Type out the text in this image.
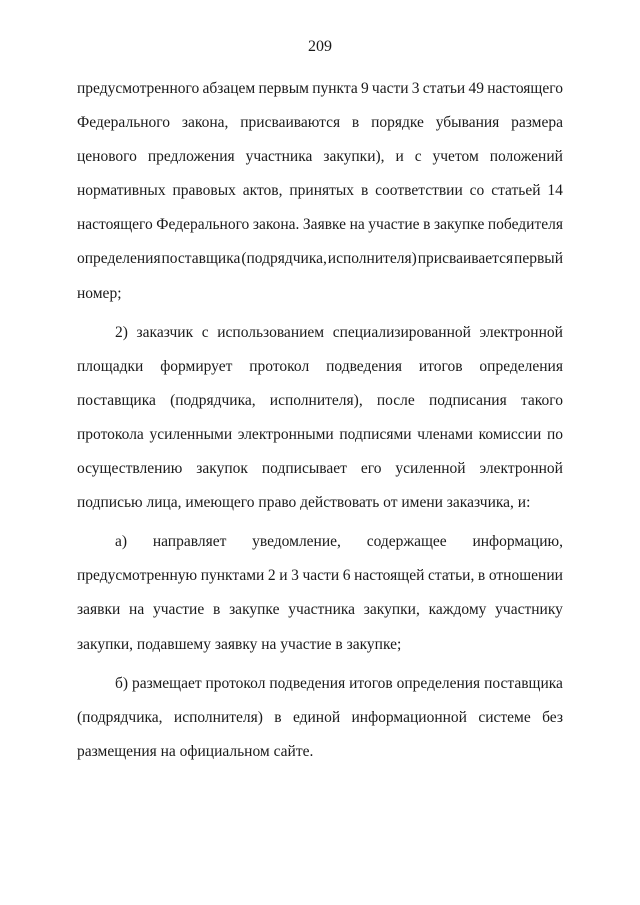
209
предусмотренного абзацем первым пункта 9 части 3 статьи 49 настоящего
Федерального закона, присваиваются в порядке убывания размера
ценового предложения участника закупки), и с учетом положений
нормативных правовых актов, принятых в соответствии со статьей 14
настоящего Федерального закона. Заявке на участие в закупке победителя
определения поставщика (подрядчика, исполнителя) присваивается первый
номер;
2) заказчик с использованием специализированной электронной
площадки формирует протокол подведения итогов определения
поставщика (подрядчика, исполнителя), после подписания такого
протокола усиленными электронными подписями членами комиссии по
осуществлению закупок подписывает его усиленной электронной
подписью лица, имеющего право действовать от имени заказчика, и:
а) направляет уведомление, содержащее информацию,
предусмотренную пунктами 2 и 3 части 6 настоящей статьи, в отношении
заявки на участие в закупке участника закупки, каждому участнику
закупки, подавшему заявку на участие в закупке;
б) размещает протокол подведения итогов определения поставщика
(подрядчика, исполнителя) в единой информационной системе без
размещения на официальном сайте.
